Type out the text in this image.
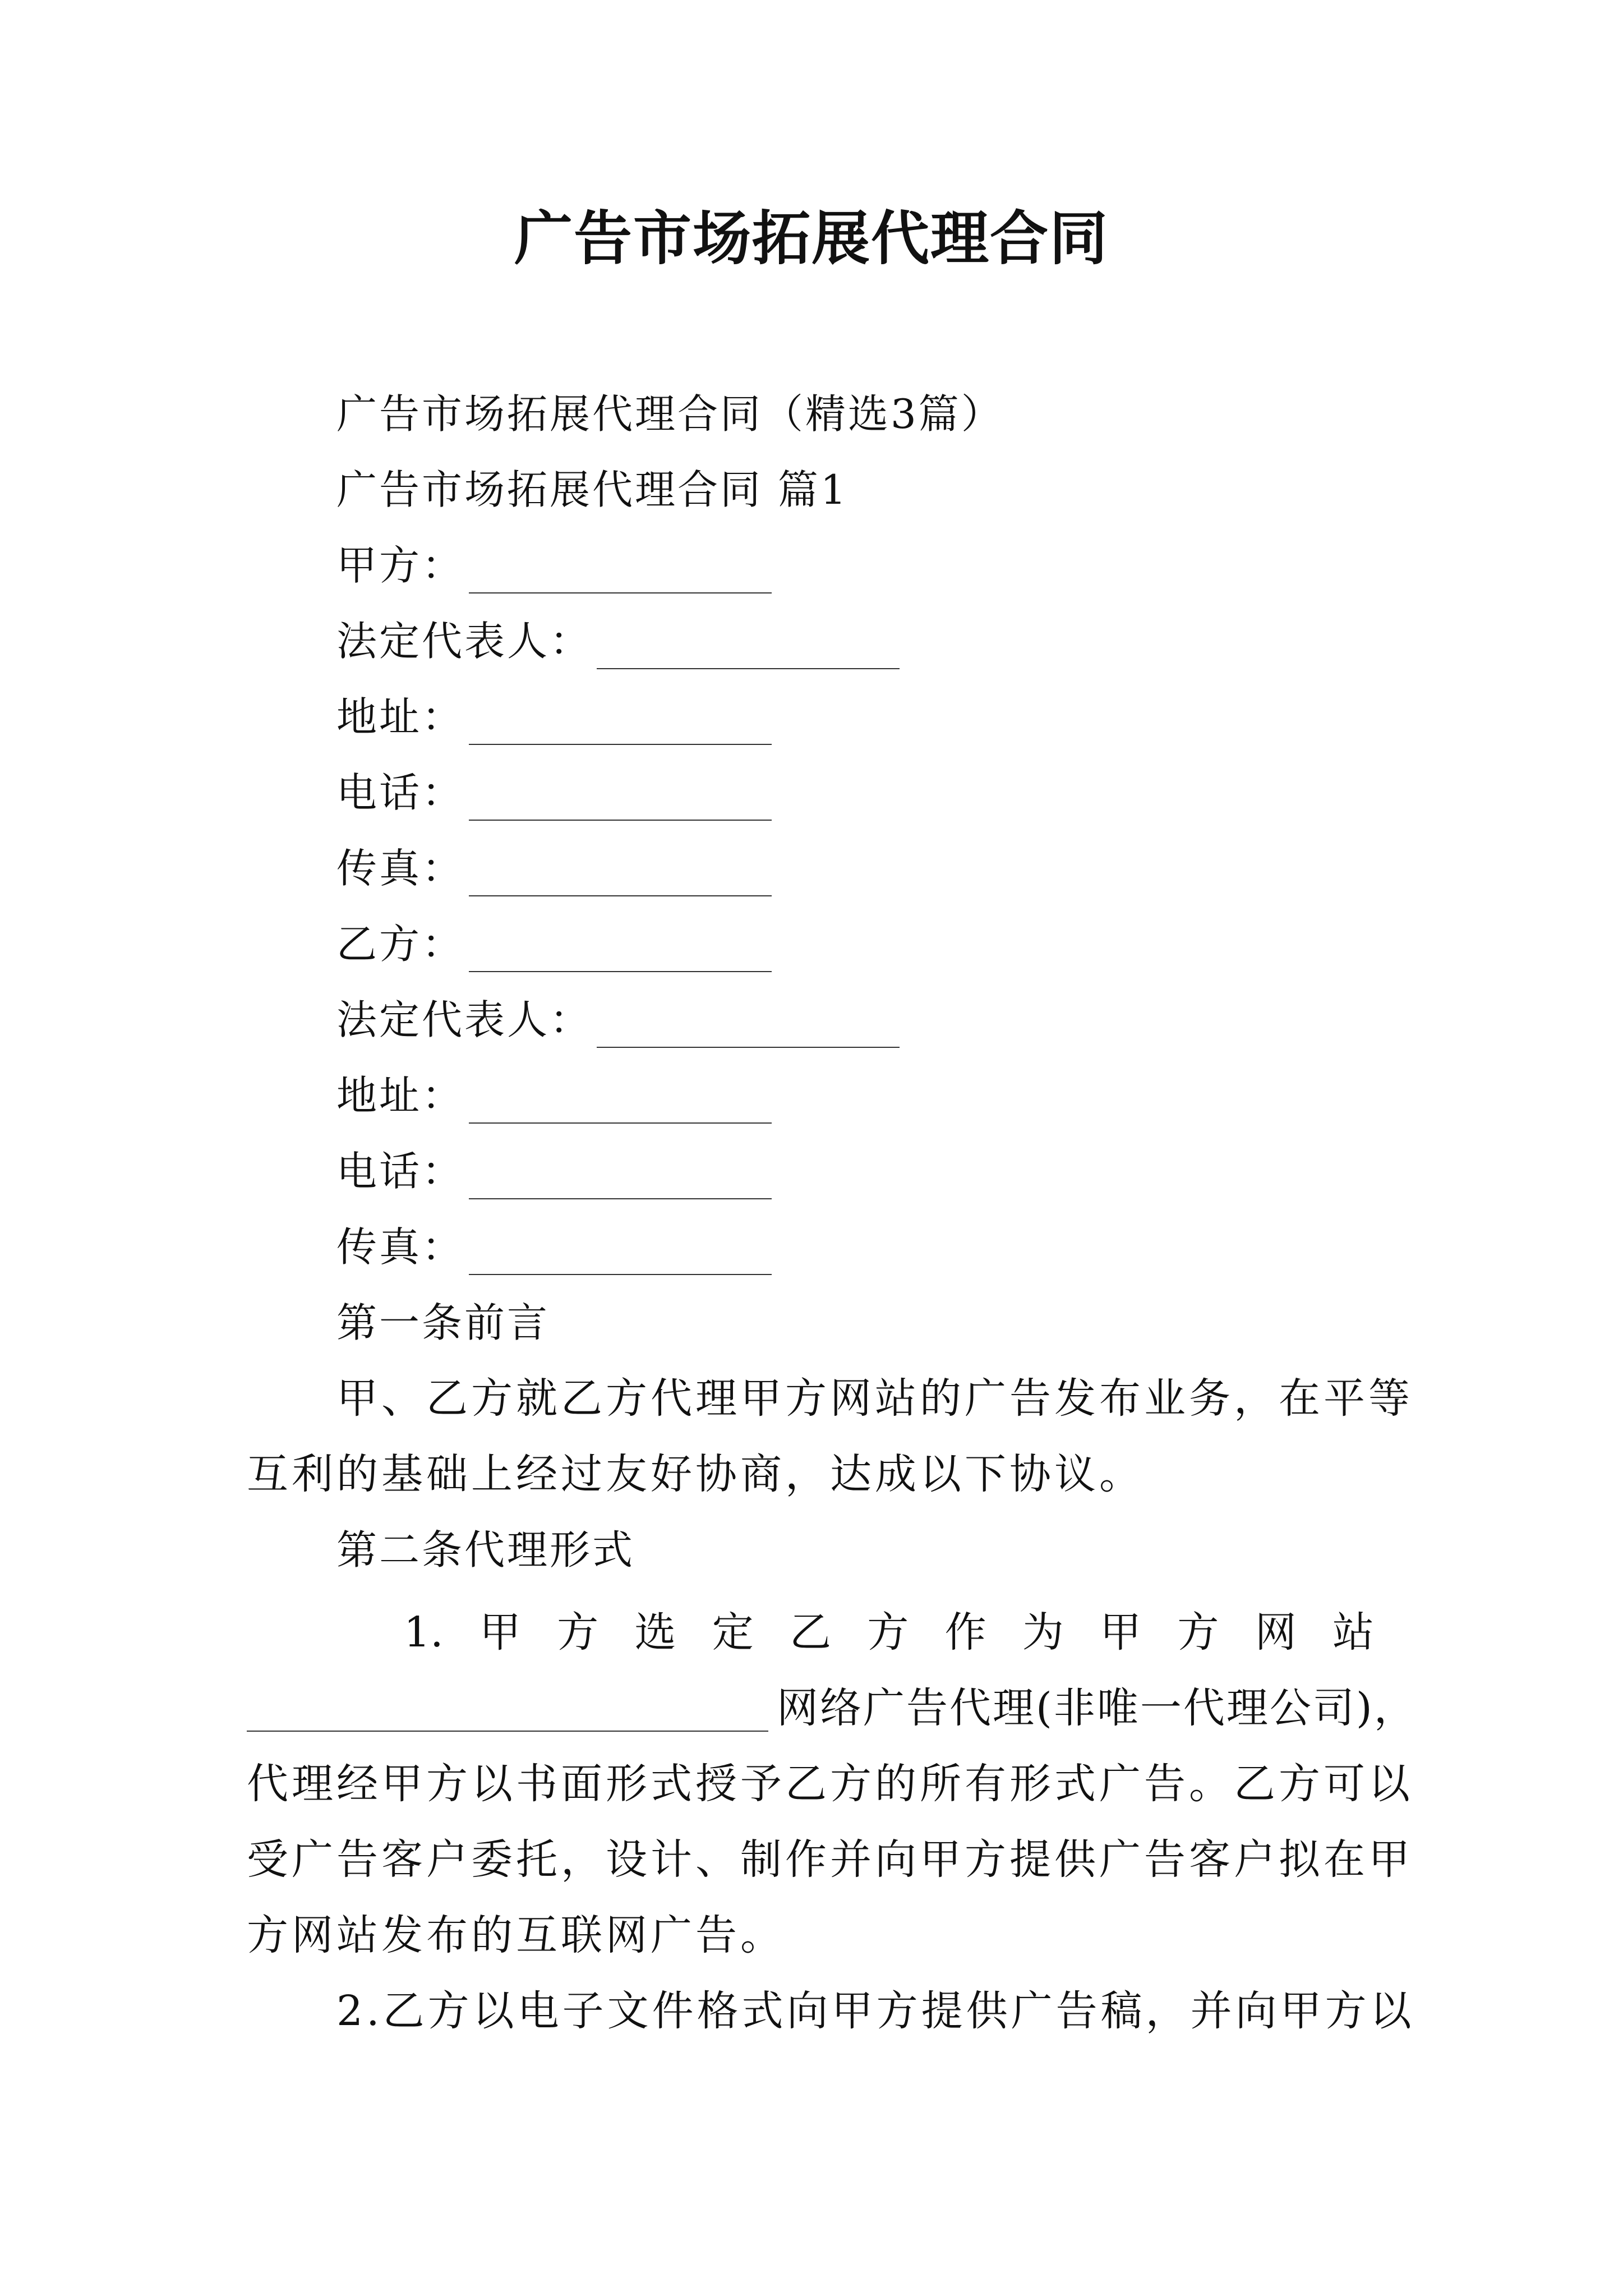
广告市场拓展代理合同
广告市场拓展代理合同（精选3篇）
广告市场拓展代理合同 篇1
甲方：
法定代表人：
地址：
电话：
传真：
乙方：
法定代表人：
地址：
电话：
传真：
第一条前言
甲、乙方就乙方代理甲方网站的广告发布业务，在平等
互利的基础上经过友好协商，达成以下协议。
第二条代理形式
1. 甲 方 选 定 乙 方 作 为 甲 方 网 站
网络广告代理(非唯一代理公司)，
代理经甲方以书面形式授予乙方的所有形式广告。乙方可以
受广告客户委托，设计、制作并向甲方提供广告客户拟在甲
方网站发布的互联网广告。
2.乙方以电子文件格式向甲方提供广告稿，并向甲方以
